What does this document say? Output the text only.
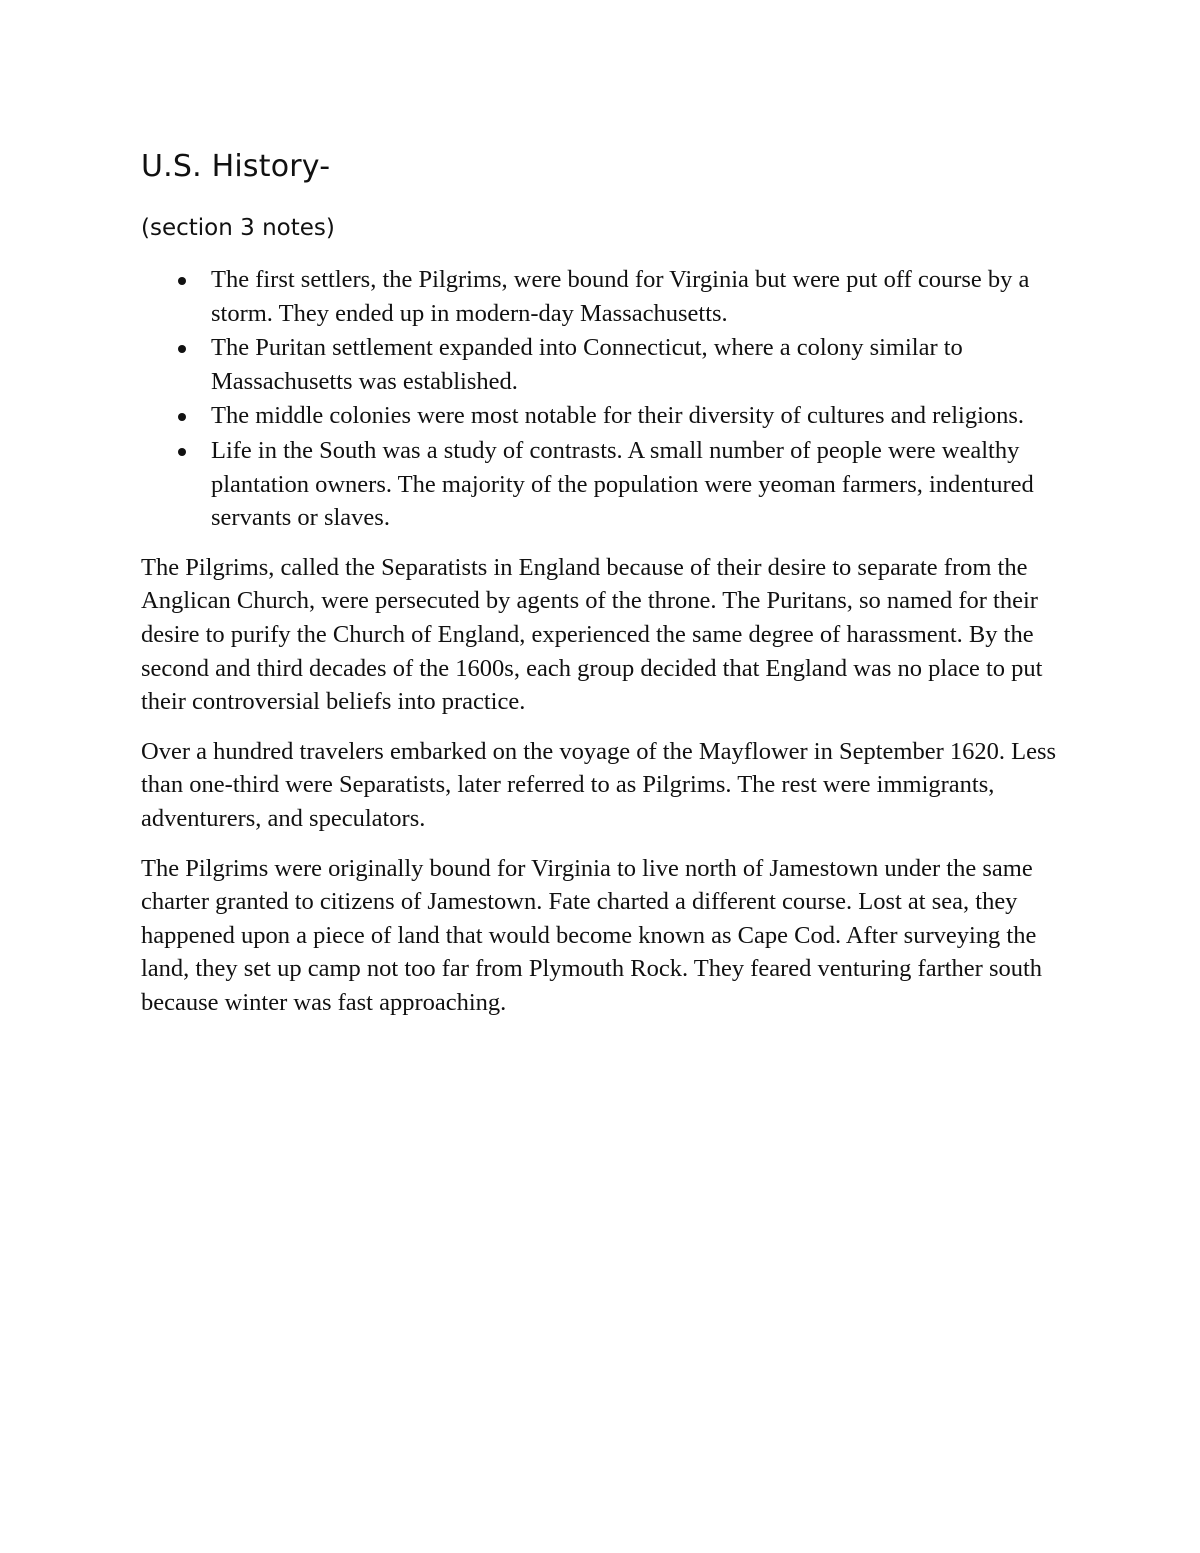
U.S. History-

(section 3 notes)

The first settlers, the Pilgrims, were bound for Virginia but were put off course by a storm. They ended up in modern-day Massachusetts.
The Puritan settlement expanded into Connecticut, where a colony similar to Massachusetts was established.
The middle colonies were most notable for their diversity of cultures and religions.
Life in the South was a study of contrasts. A small number of people were wealthy plantation owners. The majority of the population were yeoman farmers, indentured servants or slaves.

The Pilgrims, called the Separatists in England because of their desire to separate from the Anglican Church, were persecuted by agents of the throne. The Puritans, so named for their desire to purify the Church of England, experienced the same degree of harassment. By the second and third decades of the 1600s, each group decided that England was no place to put their controversial beliefs into practice.

Over a hundred travelers embarked on the voyage of the Mayflower in September 1620. Less than one-third were Separatists, later referred to as Pilgrims. The rest were immigrants, adventurers, and speculators.

The Pilgrims were originally bound for Virginia to live north of Jamestown under the same charter granted to citizens of Jamestown. Fate charted a different course. Lost at sea, they happened upon a piece of land that would become known as Cape Cod. After surveying the land, they set up camp not too far from Plymouth Rock. They feared venturing farther south because winter was fast approaching.
